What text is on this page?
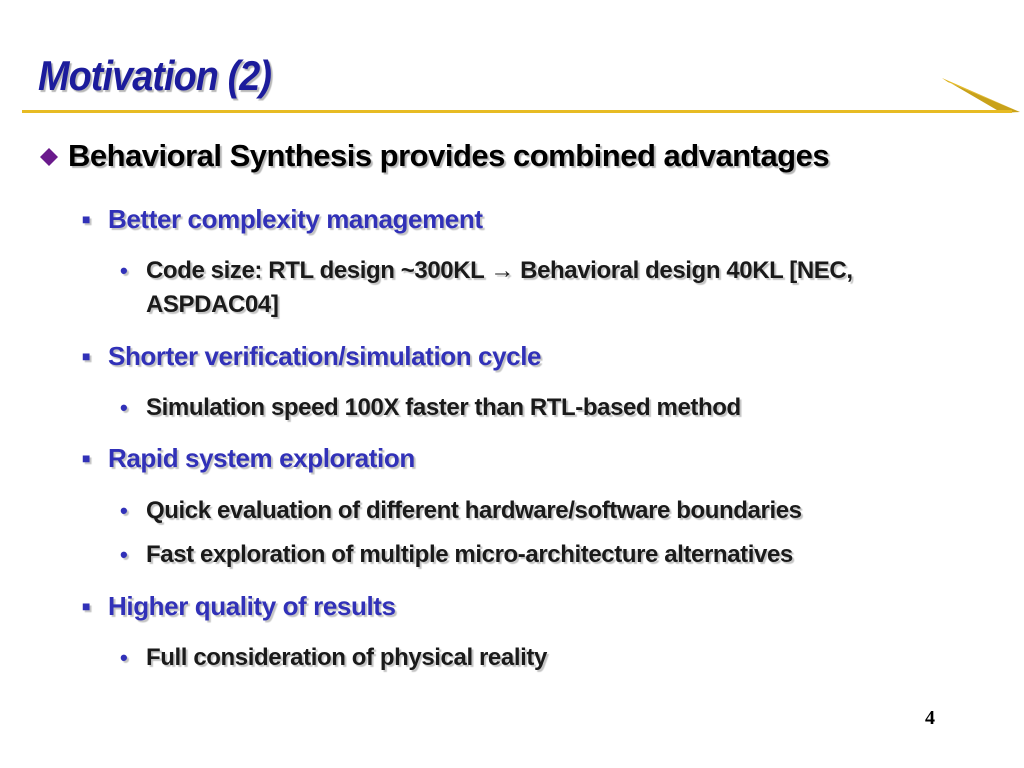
Motivation (2)
Behavioral Synthesis provides combined advantages
■ Better complexity management
• Code size: RTL design ~300KL → Behavioral design 40KL [NEC, ASPDAC04]
■ Shorter verification/simulation cycle
• Simulation speed 100X faster than RTL-based method
■ Rapid system exploration
• Quick evaluation of different hardware/software boundaries
• Fast exploration of multiple micro-architecture alternatives
■ Higher quality of results
• Full consideration of physical reality
4
